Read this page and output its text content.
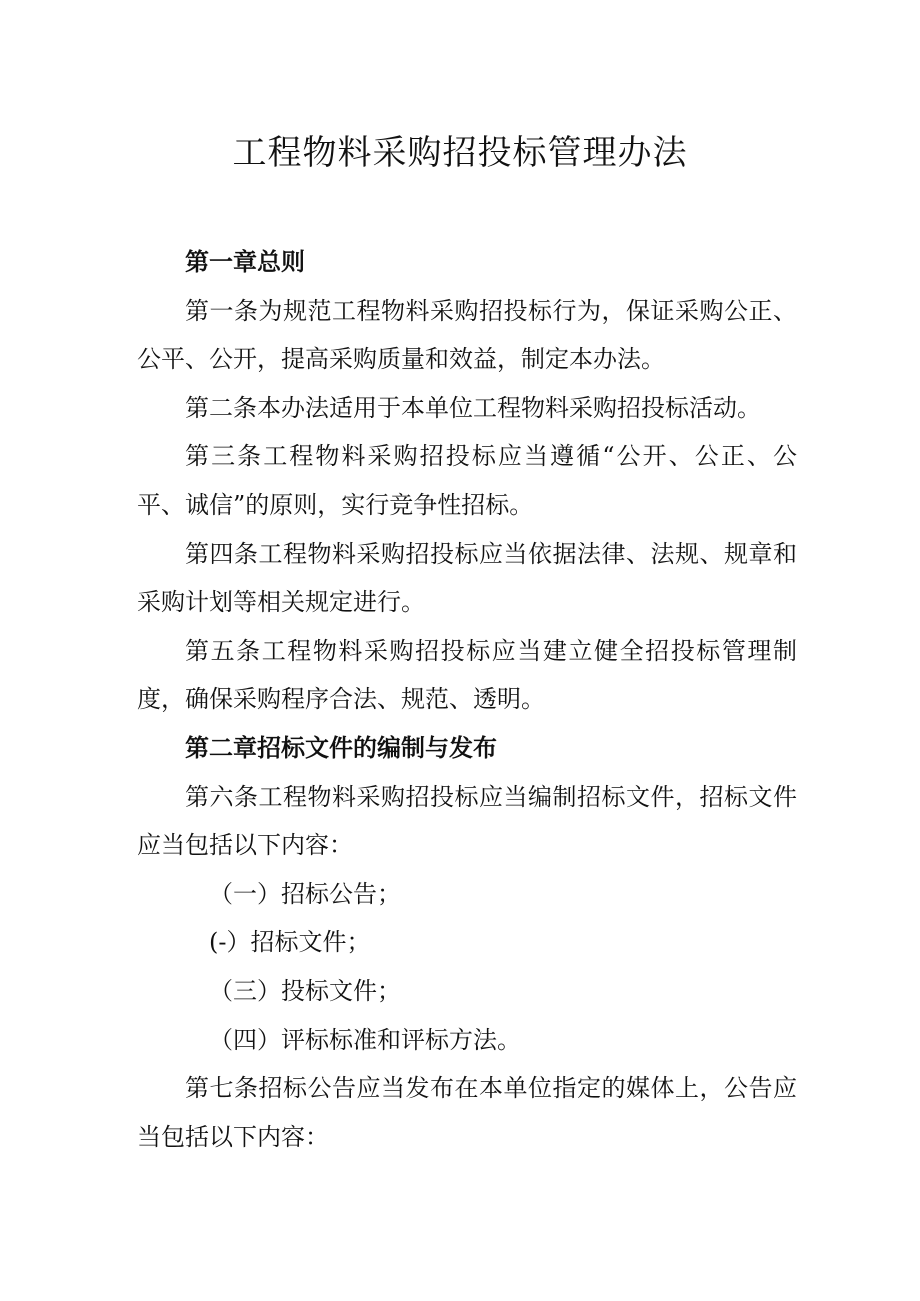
工程物料采购招投标管理办法

第一章总则

第一条为规范工程物料采购招投标行为，保证采购公正、公平、公开，提高采购质量和效益，制定本办法。

第二条本办法适用于本单位工程物料采购招投标活动。

第三条工程物料采购招投标应当遵循“公开、公正、公平、诚信”的原则，实行竞争性招标。

第四条工程物料采购招投标应当依据法律、法规、规章和采购计划等相关规定进行。

第五条工程物料采购招投标应当建立健全招投标管理制度，确保采购程序合法、规范、透明。

第二章招标文件的编制与发布

第六条工程物料采购招投标应当编制招标文件，招标文件应当包括以下内容：

（一）招标公告；

(-）招标文件；

（三）投标文件；

（四）评标标准和评标方法。

第七条招标公告应当发布在本单位指定的媒体上，公告应当包括以下内容：
